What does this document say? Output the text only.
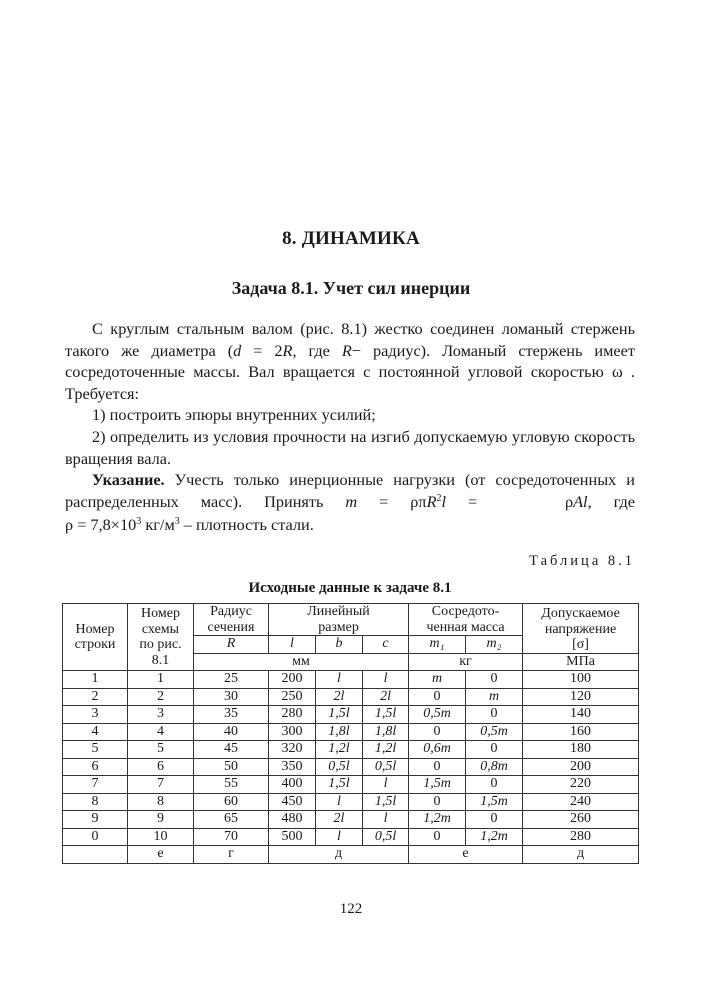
8. ДИНАМИКА
Задача 8.1. Учет сил инерции

С круглым стальным валом (рис. 8.1) жестко соединен ломаный стержень такого же диаметра (d = 2R, где R− радиус). Ломаный стержень имеет сосредоточенные массы. Вал вращается с постоянной угловой скоростью ω . Требуется:

1) построить эпюры внутренних усилий;

2) определить из условия прочности на изгиб допускаемую угловую скорость вращения вала.

Указание. Учесть только инерционные нагрузки (от сосредоточенных и распределенных масс). Принять m = ρπR$^2$l =	ρAl, где

$\rho = 7,8\times 10^3$ $кг/м^3$ – плотность стали.

Таблица 8.1
Исходные данные к задаче 8.1
Номер строки	Номер схемы по рис. 8.1	Радиус сечения	Линейный размер			Сосредото-ченная масса		Допускаемое напряжение
[σ]

		R	l	b	c	m₁	m₂	
		мм				кг		МПа
1	1	25	200	l	l	m	0	100
2	2	30	250	2l	2l	0	m	120
3	3	35	280	1,5l	1,5l	0,5m	0	140
4	4	40	300	1,8l	1,8l	0	0,5m	160
5	5	45	320	1,2l	1,2l	0,6m	0	180
6	6	50	350	0,5l	0,5l	0	0,8m	200
7	7	55	400	1,5l	l	1,5m	0	220
8	8	60	450	l	1,5l	0	1,5m	240
9	9	65	480	2l	l	1,2m	0	260
0	10	70	500	l	0,5l	0	1,2m	280
	е	г	д			е		д
122
